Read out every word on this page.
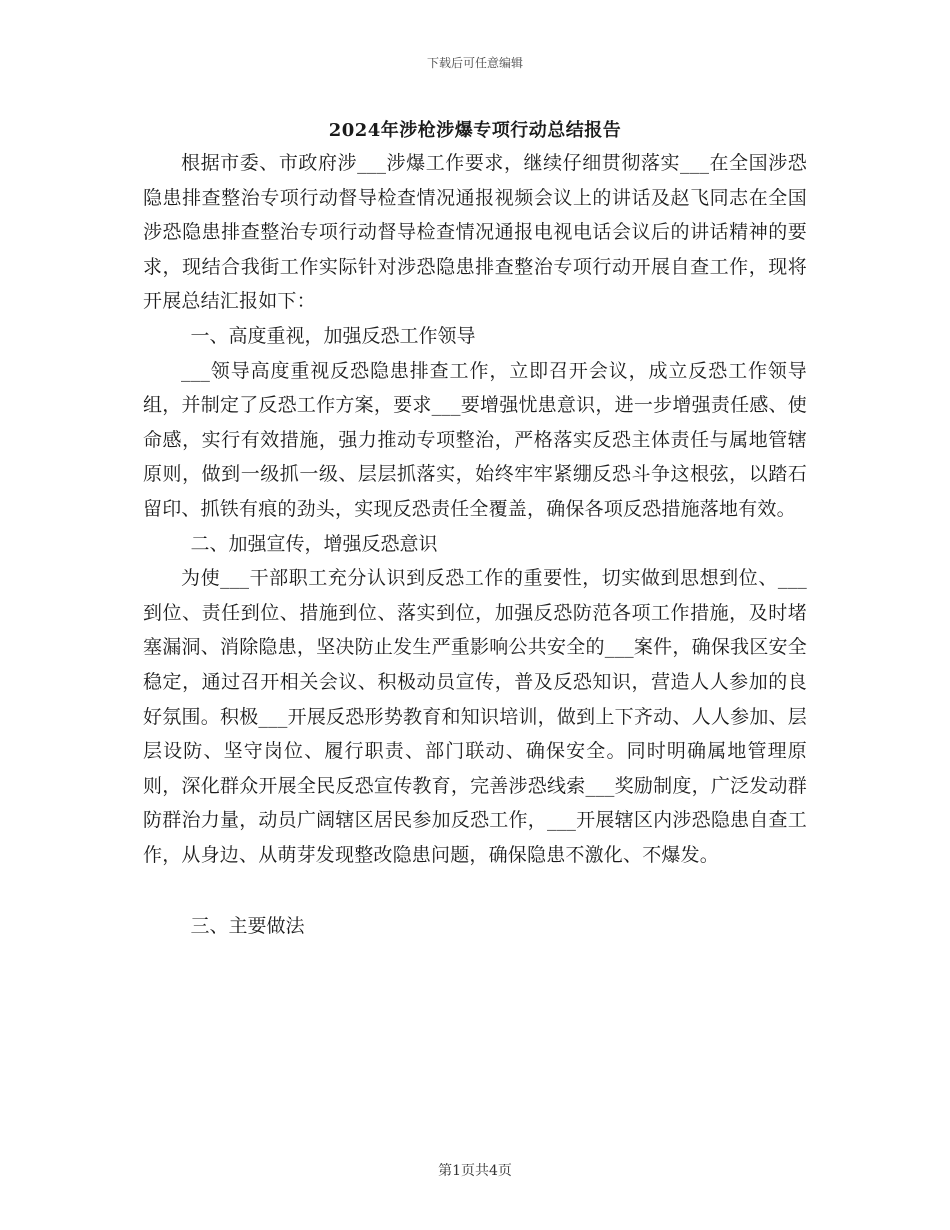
下载后可任意编辑
2024年涉枪涉爆专项行动总结报告

根据市委、市政府涉___涉爆工作要求，继续仔细贯彻落实___在全国涉恐隐患排查整治专项行动督导检查情况通报视频会议上的讲话及赵飞同志在全国涉恐隐患排查整治专项行动督导检查情况通报电视电话会议后的讲话精神的要求，现结合我街工作实际针对涉恐隐患排查整治专项行动开展自查工作，现将开展总结汇报如下：

一、高度重视，加强反恐工作领导

___领导高度重视反恐隐患排查工作，立即召开会议，成立反恐工作领导组，并制定了反恐工作方案，要求___要增强忧患意识，进一步增强责任感、使命感，实行有效措施，强力推动专项整治，严格落实反恐主体责任与属地管辖原则，做到一级抓一级、层层抓落实，始终牢牢紧绷反恐斗争这根弦，以踏石留印、抓铁有痕的劲头，实现反恐责任全覆盖，确保各项反恐措施落地有效。

二、加强宣传，增强反恐意识

为使___干部职工充分认识到反恐工作的重要性，切实做到思想到位、___到位、责任到位、措施到位、落实到位，加强反恐防范各项工作措施，及时堵塞漏洞、消除隐患，坚决防止发生严重影响公共安全的___案件，确保我区安全稳定，通过召开相关会议、积极动员宣传，普及反恐知识，营造人人参加的良好氛围。积极___开展反恐形势教育和知识培训，做到上下齐动、人人参加、层层设防、坚守岗位、履行职责、部门联动、确保安全。同时明确属地管理原则，深化群众开展全民反恐宣传教育，完善涉恐线索___奖励制度，广泛发动群防群治力量，动员广阔辖区居民参加反恐工作，___开展辖区内涉恐隐患自查工作，从身边、从萌芽发现整改隐患问题，确保隐患不激化、不爆发。

三、主要做法

第1页共4页
